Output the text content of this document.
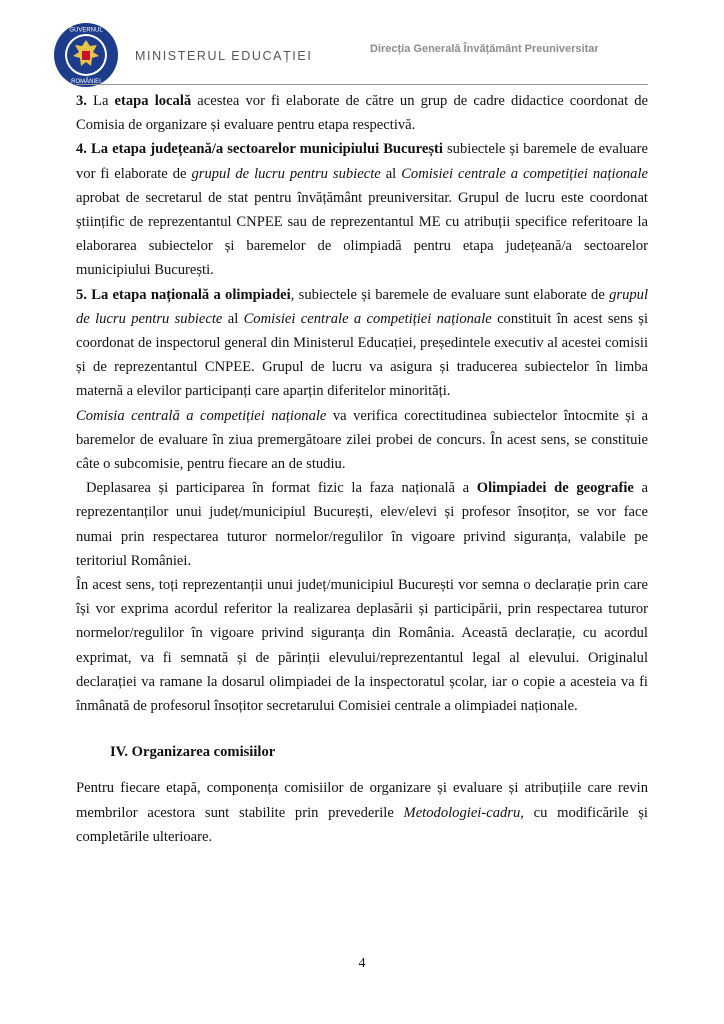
GUVERNUL
ROMÂNIEI
MINISTERUL EDUCAȚIEI	Direcția Generală Învățământ Preuniversitar

3. La etapa locală acestea vor fi elaborate de către un grup de cadre didactice coordonat de Comisia de organizare și evaluare pentru etapa respectivă.

4. La etapa județeană/a sectoarelor municipiului București subiectele și baremele de evaluare vor fi elaborate de grupul de lucru pentru subiecte al Comisiei centrale a competiției naționale aprobat de secretarul de stat pentru învățământ preuniversitar. Grupul de lucru este coordonat științific de reprezentantul CNPEE sau de reprezentantul ME cu atribuții specifice referitoare la elaborarea subiectelor și baremelor de olimpiadă pentru etapa județeană/a sectoarelor municipiului București.

5. La etapa națională a olimpiadei, subiectele și baremele de evaluare sunt elaborate de grupul de lucru pentru subiecte al Comisiei centrale a competiției naționale constituit în acest sens și coordonat de inspectorul general din Ministerul Educației, președintele executiv al acestei comisii și de reprezentantul CNPEE. Grupul de lucru va asigura și traducerea subiectelor în limba maternă a elevilor participanți care aparțin diferitelor minorități.

Comisia centrală a competiției naționale va verifica corectitudinea subiectelor întocmite și a baremelor de evaluare în ziua premergătoare zilei probei de concurs. În acest sens, se constituie câte o subcomisie, pentru fiecare an de studiu.

Deplasarea și participarea în format fizic la faza națională a Olimpiadei de geografie a reprezentanților unui județ/municipiul București, elev/elevi și profesor însoțitor, se vor face numai prin respectarea tuturor normelor/regulilor în vigoare privind siguranța, valabile pe teritoriul României.

În acest sens, toți reprezentanții unui județ/municipiul București vor semna o declarație prin care își vor exprima acordul referitor la realizarea deplasării și participării, prin respectarea tuturor normelor/regulilor în vigoare privind siguranța din România. Această declarație, cu acordul exprimat, va fi semnată și de părinții elevului/reprezentantul legal al elevului. Originalul declarației va ramane la dosarul olimpiadei de la inspectoratul școlar, iar o copie a acesteia va fi înmânată de profesorul însoțitor secretarului Comisiei centrale a olimpiadei naționale.

IV. Organizarea comisiilor

Pentru fiecare etapă, componența comisiilor de organizare și evaluare și atribuțiile care revin membrilor acestora sunt stabilite prin prevederile Metodologiei-cadru, cu modificările și completările ulterioare.

4
